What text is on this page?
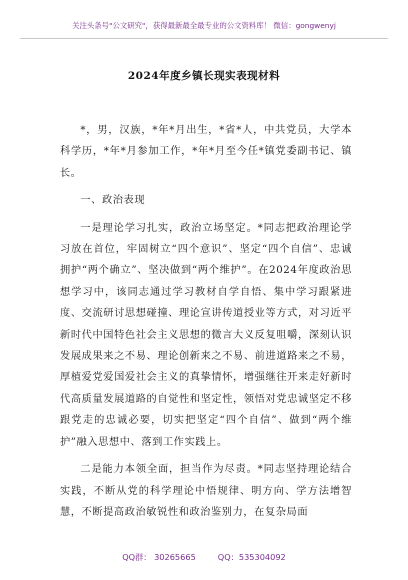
关注头条号"公文研究"，获得最新最全最专业的公文资料库！ 微信：gongwenyj
2024年度乡镇长现实表现材料

*，男，汉族，*年*月出生，*省*人，中共党员，大学本科学历，*年*月参加工作，*年*月至今任*镇党委副书记、镇长。

一、政治表现

一是理论学习扎实，政治立场坚定。*同志把政治理论学习放在首位，牢固树立“四个意识”、坚定“四个自信”、忠诚拥护“两个确立”、坚决做到“两个维护”。在2024年度政治思想学习中，该同志通过学习教材自学自悟、集中学习跟紧进度、交流研讨思想碰撞、理论宣讲传道授业等方式，对习近平新时代中国特色社会主义思想的微言大义反复咀嚼，深刻认识发展成果来之不易、理论创新来之不易、前进道路来之不易，厚植爱党爱国爱社会主义的真挚情怀，增强继往开来走好新时代高质量发展道路的自觉性和坚定性，领悟对党忠诚坚定不移跟党走的忠诚必要，切实把坚定“四个自信”、做到“两个维护”融入思想中、落到工作实践上。

二是能力本领全面，担当作为尽责。*同志坚持理论结合实践，不断从党的科学理论中悟规律、明方向、学方法增智慧，不断提高政治敏锐性和政治鉴别力，在复杂局面

QQ群： 30265665	QQ：535304092
